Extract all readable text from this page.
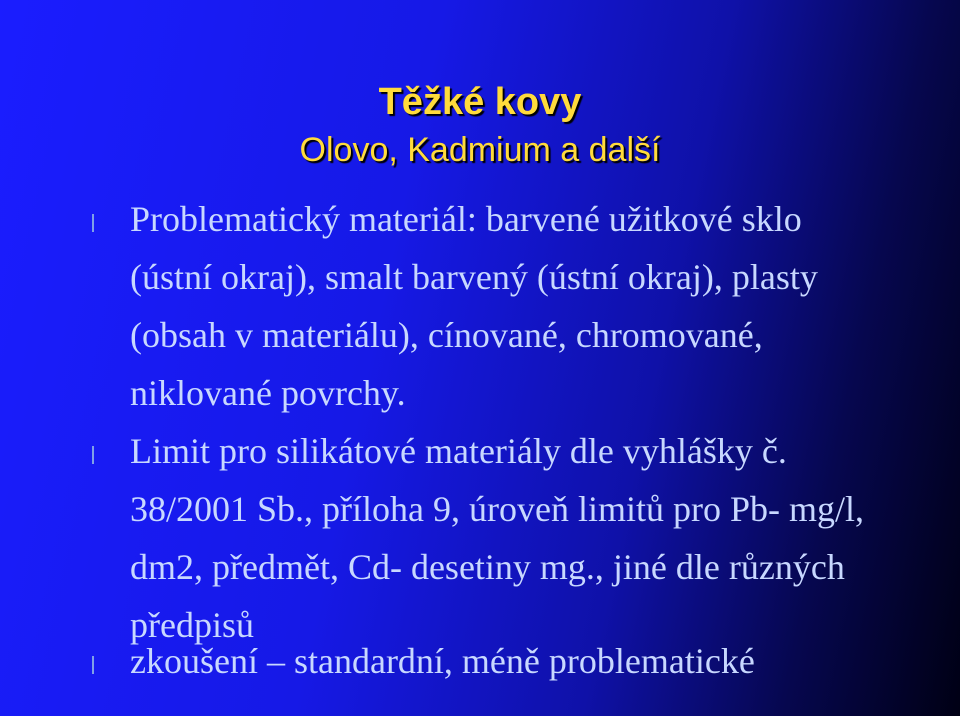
Těžké kovy
Olovo, Kadmium a další
Problematický materiál: barvené užitkové sklo (ústní okraj), smalt barvený (ústní okraj), plasty (obsah v materiálu), cínované, chromované, niklované povrchy.
Limit pro silikátové materiály dle vyhlášky č. 38/2001 Sb., příloha 9, úroveň limitů pro Pb- mg/l, dm2, předmět, Cd- desetiny mg., jiné dle různých předpisů
zkoušení – standardní, méně problematické
